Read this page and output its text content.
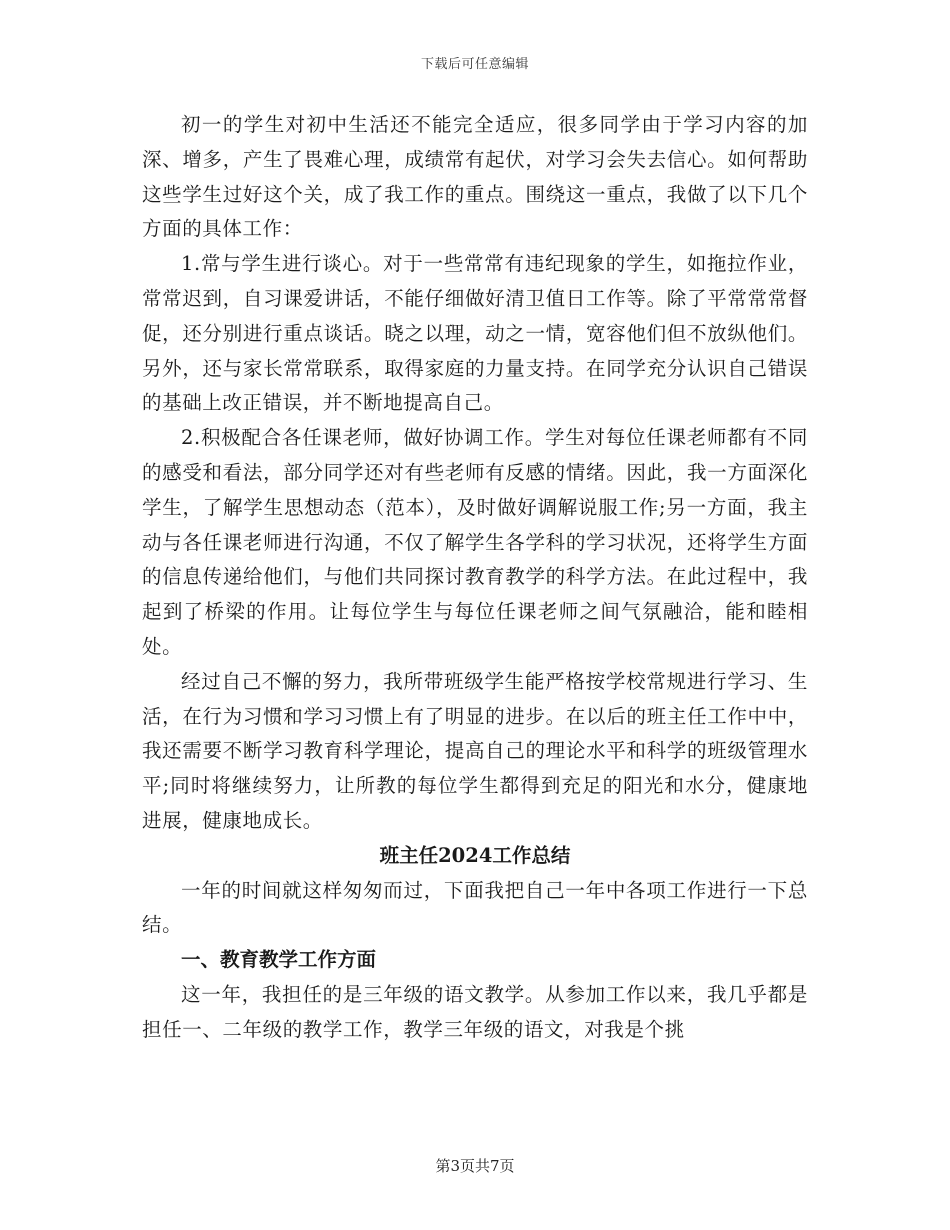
下载后可任意编辑

初一的学生对初中生活还不能完全适应，很多同学由于学习内容的加深、增多，产生了畏难心理，成绩常有起伏，对学习会失去信心。如何帮助这些学生过好这个关，成了我工作的重点。围绕这一重点，我做了以下几个方面的具体工作：

1.常与学生进行谈心。对于一些常常有违纪现象的学生，如拖拉作业，常常迟到，自习课爱讲话，不能仔细做好清卫值日工作等。除了平常常常督促，还分别进行重点谈话。晓之以理，动之一情，宽容他们但不放纵他们。另外，还与家长常常联系，取得家庭的力量支持。在同学充分认识自己错误的基础上改正错误，并不断地提高自己。

2.积极配合各任课老师，做好协调工作。学生对每位任课老师都有不同的感受和看法，部分同学还对有些老师有反感的情绪。因此，我一方面深化学生，了解学生思想动态（范本），及时做好调解说服工作;另一方面，我主动与各任课老师进行沟通，不仅了解学生各学科的学习状况，还将学生方面的信息传递给他们，与他们共同探讨教育教学的科学方法。在此过程中，我起到了桥梁的作用。让每位学生与每位任课老师之间气氛融洽，能和睦相处。

经过自己不懈的努力，我所带班级学生能严格按学校常规进行学习、生活，在行为习惯和学习习惯上有了明显的进步。在以后的班主任工作中中，我还需要不断学习教育科学理论，提高自己的理论水平和科学的班级管理水平;同时将继续努力，让所教的每位学生都得到充足的阳光和水分，健康地进展，健康地成长。

班主任2024工作总结

一年的时间就这样匆匆而过，下面我把自己一年中各项工作进行一下总结。

一、教育教学工作方面

这一年，我担任的是三年级的语文教学。从参加工作以来，我几乎都是担任一、二年级的教学工作，教学三年级的语文，对我是个挑

第3页共7页
